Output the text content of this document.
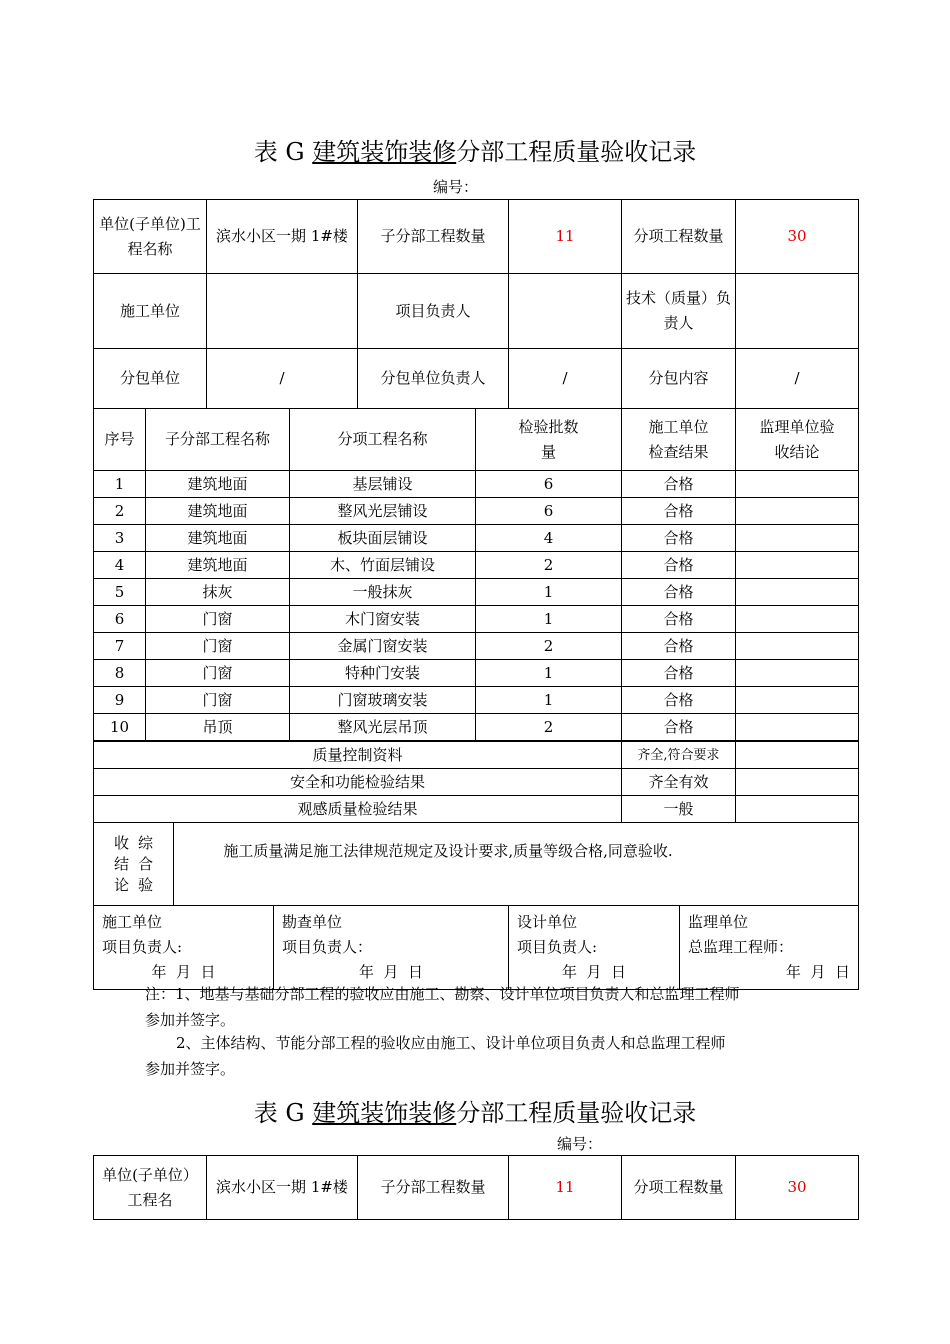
表 G 建筑装饰装修分部工程质量验收记录
编号：
单位(子单位)工程名称	滨水小区一期 1#楼	子分部工程数量	11	分项工程数量	30
施工单位		项目负责人		技术（质量）负责人	
分包单位	/	分包单位负责人	/	分包内容	/
序号	子分部工程名称	分项工程名称	检验批数量	施工单位检查结果	监理单位验收结论
1	建筑地面	基层铺设	6	合格	
2	建筑地面	整风光层铺设	6	合格	
3	建筑地面	板块面层铺设	4	合格	
4	建筑地面	木、竹面层铺设	2	合格	
5	抹灰	一般抹灰	1	合格	
6	门窗	木门窗安装	1	合格	
7	门窗	金属门窗安装	2	合格	
8	门窗	特种门安装	1	合格	
9	门窗	门窗玻璃安装	1	合格	
10	吊顶	整风光层吊顶	2	合格	
质量控制资料	齐全,符合要求	
安全和功能检验结果	齐全有效	
观感质量检验结果	一般	
收结论
综合验
	施工质量满足施工法律规范规定及设计要求,质量等级合格,同意验收.
施工单位
项目负责人:
年  月  日

勘查单位
项目负责人：
年  月  日

设计单位
项目负责人:
年  月  日

监理单位
总监理工程师：
年  月  日
注：1、地基与基础分部工程的验收应由施工、勘察、设计单位项目负责人和总监理工程师
参加并签字。
2、主体结构、节能分部工程的验收应由施工、设计单位项目负责人和总监理工程师
参加并签字。
表 G 建筑装饰装修分部工程质量验收记录
编号：
单位(子单位）工程名	滨水小区一期 1#楼	子分部工程数量	11	分项工程数量	30
